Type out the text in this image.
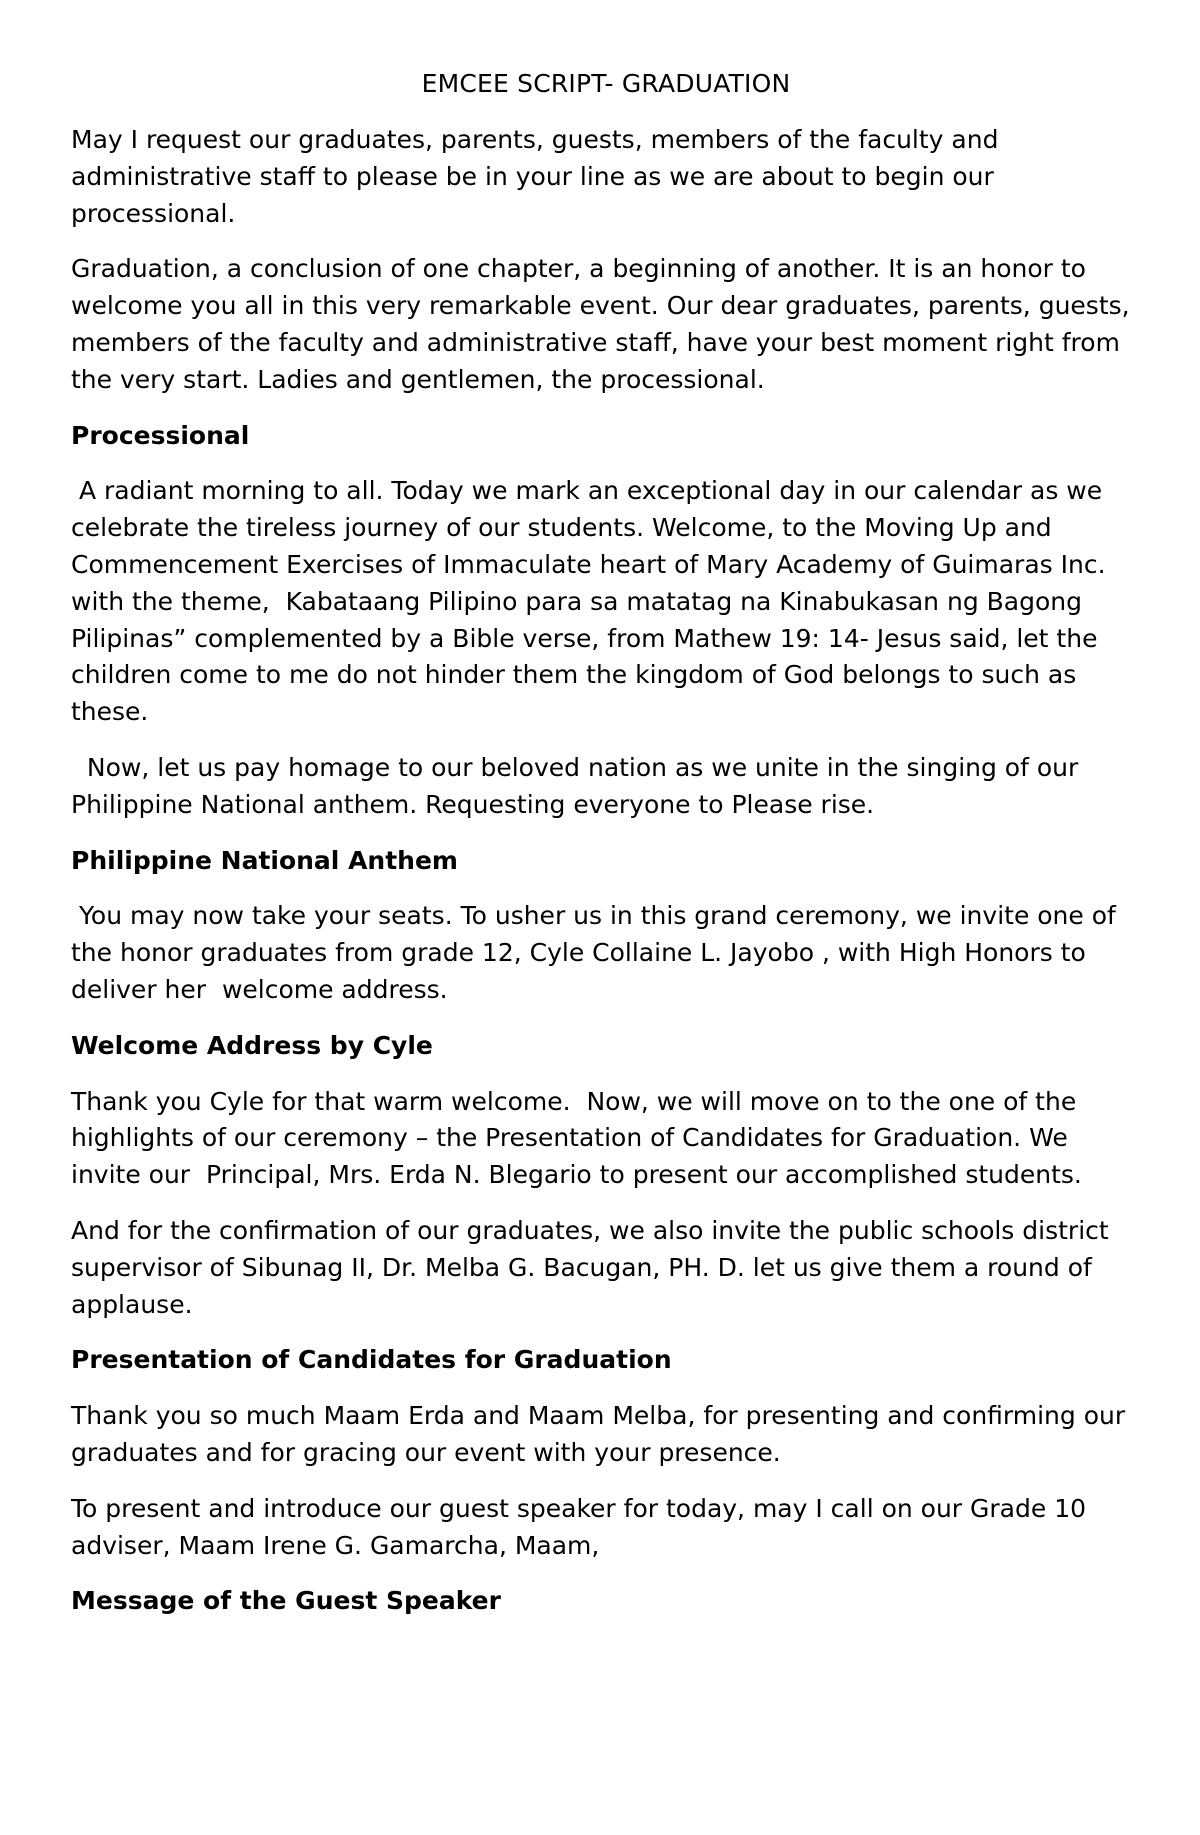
EMCEE SCRIPT- GRADUATION

May I request our graduates, parents, guests, members of the faculty and administrative staff to please be in your line as we are about to begin our processional.

Graduation, a conclusion of one chapter, a beginning of another. It is an honor to welcome you all in this very remarkable event. Our dear graduates, parents, guests, members of the faculty and administrative staff, have your best moment right from the very start. Ladies and gentlemen, the processional.

Processional

A radiant morning to all. Today we mark an exceptional day in our calendar as we celebrate the tireless journey of our students. Welcome, to the Moving Up and Commencement Exercises of Immaculate heart of Mary Academy of Guimaras Inc. with the theme,  Kabataang Pilipino para sa matatag na Kinabukasan ng Bagong Pilipinas” complemented by a Bible verse, from Mathew 19: 14- Jesus said, let the children come to me do not hinder them the kingdom of God belongs to such as these.

Now, let us pay homage to our beloved nation as we unite in the singing of our Philippine National anthem. Requesting everyone to Please rise.

Philippine National Anthem

You may now take your seats. To usher us in this grand ceremony, we invite one of the honor graduates from grade 12, Cyle Collaine L. Jayobo , with High Honors to deliver her  welcome address.

Welcome Address by Cyle

Thank you Cyle for that warm welcome.  Now, we will move on to the one of the highlights of our ceremony – the Presentation of Candidates for Graduation. We invite our  Principal, Mrs. Erda N. Blegario to present our accomplished students.

And for the confirmation of our graduates, we also invite the public schools district supervisor of Sibunag II, Dr. Melba G. Bacugan, PH. D. let us give them a round of applause.

Presentation of Candidates for Graduation

Thank you so much Maam Erda and Maam Melba, for presenting and confirming our graduates and for gracing our event with your presence.

To present and introduce our guest speaker for today, may I call on our Grade 10 adviser, Maam Irene G. Gamarcha, Maam,

Message of the Guest Speaker
